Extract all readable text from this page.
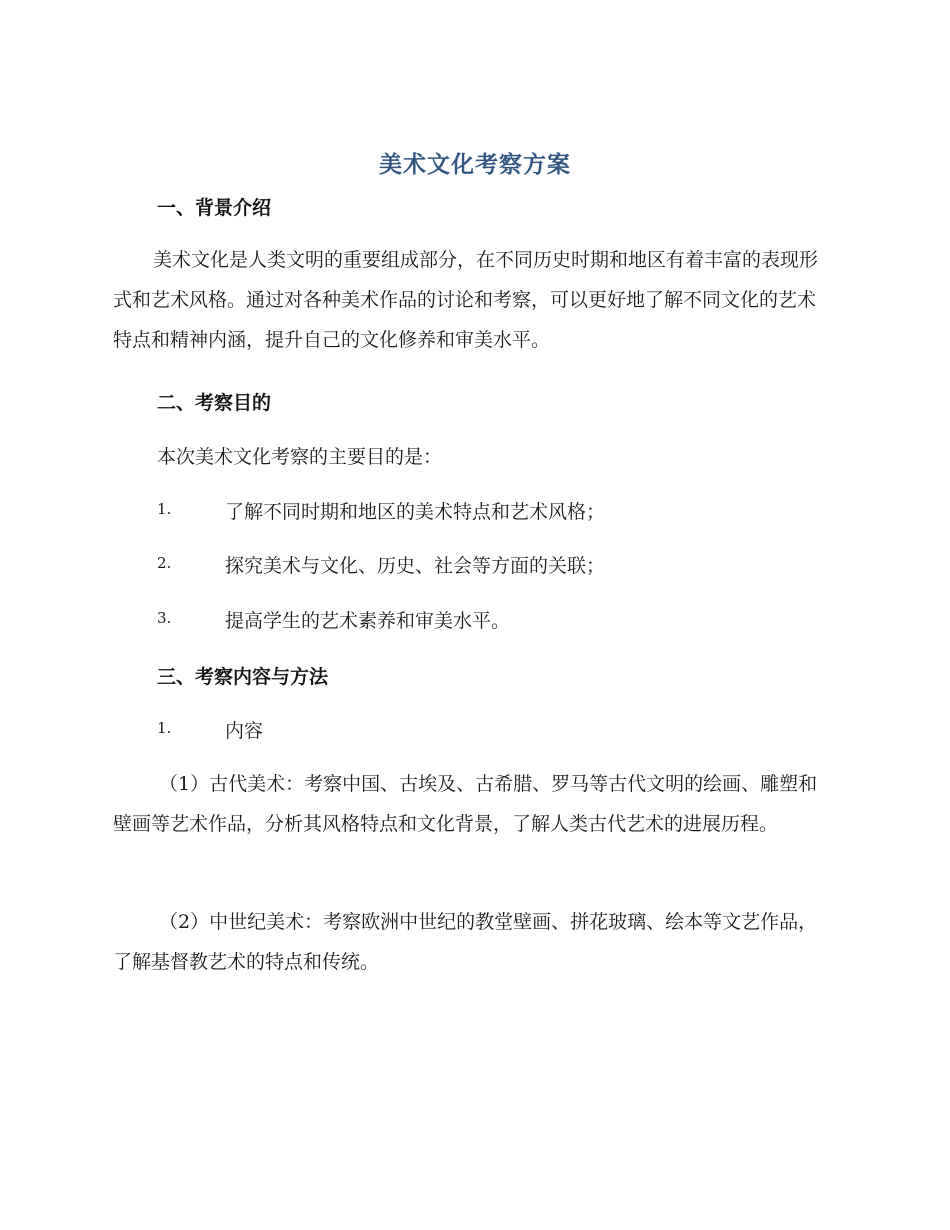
美术文化考察方案
一、背景介绍
美术文化是人类文明的重要组成部分，在不同历史时期和地区有着丰富的表现形式和艺术风格。通过对各种美术作品的讨论和考察，可以更好地了解不同文化的艺术特点和精神内涵，提升自己的文化修养和审美水平。
二、考察目的
本次美术文化考察的主要目的是：
1.	了解不同时期和地区的美术特点和艺术风格；
2.	探究美术与文化、历史、社会等方面的关联；
3.	提高学生的艺术素养和审美水平。
三、考察内容与方法
1.	内容
（1）古代美术：考察中国、古埃及、古希腊、罗马等古代文明的绘画、雕塑和壁画等艺术作品，分析其风格特点和文化背景，了解人类古代艺术的进展历程。
（2）中世纪美术：考察欧洲中世纪的教堂壁画、拼花玻璃、绘本等文艺作品，了解基督教艺术的特点和传统。
